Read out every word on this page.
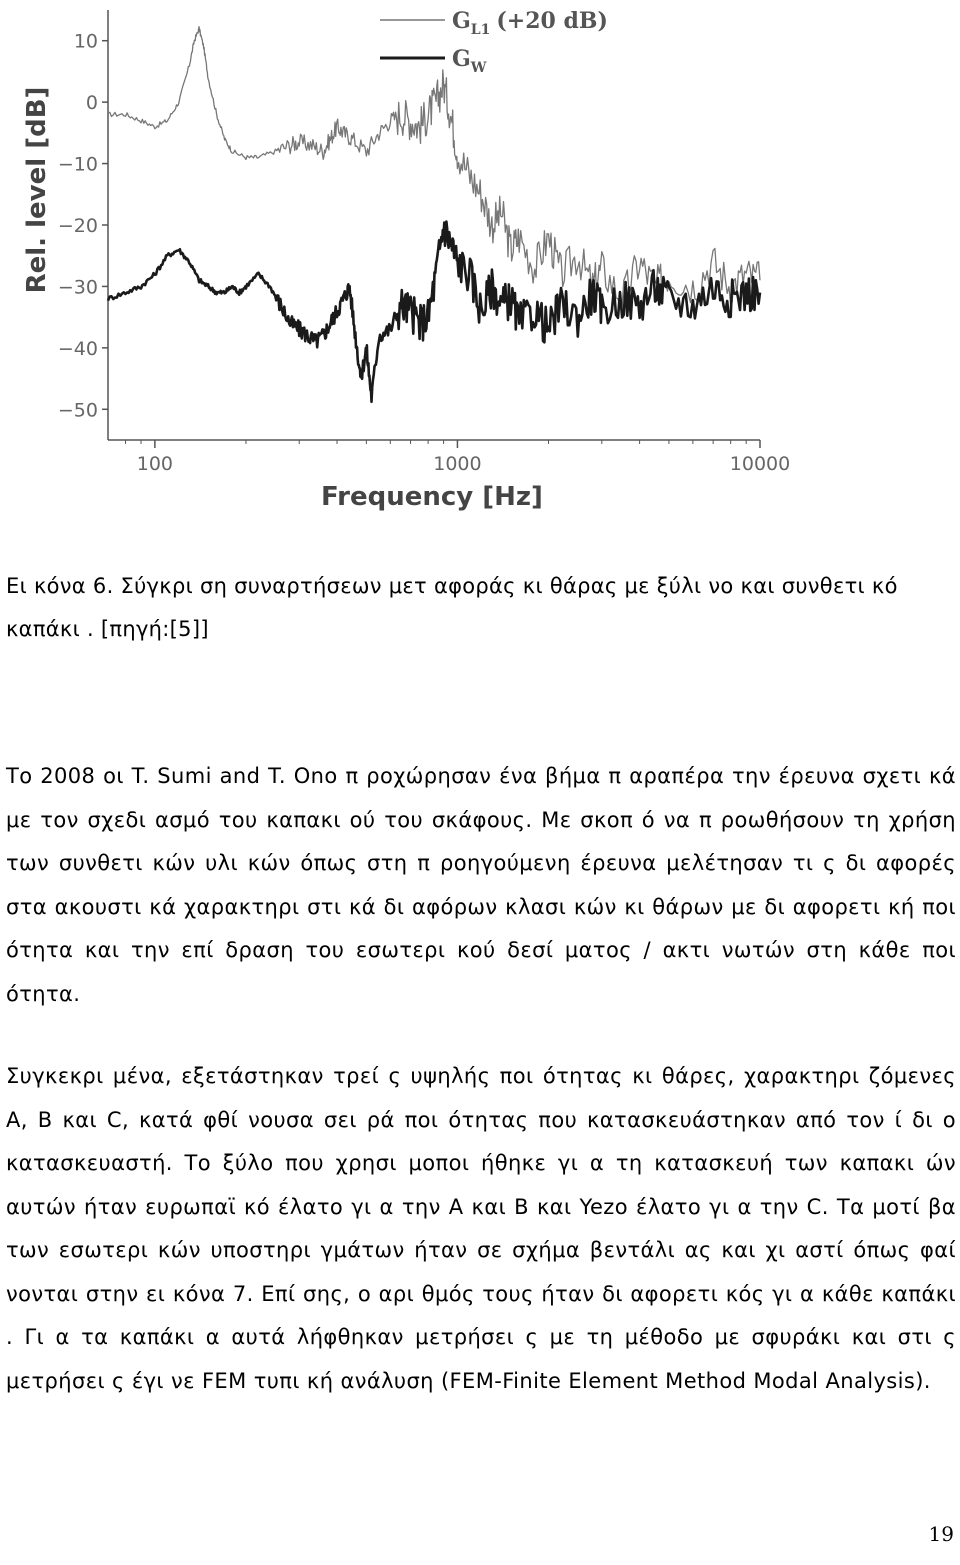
10
0
−10
−20
−30
−40
−50
100	1000	10000
Rel. level [dB]
Frequency [Hz]
$G_{L1}$ (+20 dB)
$G_W$
Ει κόνα 6. Σύγκρι ση συναρτήσεων μετ αφοράς κι θάρας με ξύλι νο και συνθετι κό καπάκι . [πηγή:[5]]

Το 2008 οι T. Sumi and T. Ono π ροχώρησαν ένα βήμα π αραπέρα την έρευνα σχετι κά με τον σχεδι ασμό του καπακι ού του σκάφους. Με σκοπ ό να π ροωθήσουν τη χρήση των συνθετι κών υλι κών όπως στη π ροηγούμενη έρευνα μελέτησαν τι ς δι αφορές στα ακουστι κά χαρακτηρι στι κά δι αφόρων κλασι κών κι θάρων με δι αφορετι κή ποι ότητα και την επί δραση του εσωτερι κού δεσί ματος / ακτι νωτών στη κάθε ποι ότητα.

Συγκεκρι μένα, εξετάστηκαν τρεί ς υψηλής ποι ότητας κι θάρες, χαρακτηρι ζόμενες A, B και C, κατά φθί νουσα σει ρά ποι ότητας που κατασκευάστηκαν από τον ί δι ο κατασκευαστή. Το ξύλο που χρησι μοποι ήθηκε γι α τη κατασκευή των καπακι ών αυτών ήταν ευρωπαϊ κό έλατο γι α την A και B και Yezo έλατο γι α την C. Τα μοτί βα των εσωτερι κών υποστηρι γμάτων ήταν σε σχήμα βεντάλι ας και χι αστί όπως φαί νονται στην ει κόνα 7. Επί σης, ο αρι θμός τους ήταν δι αφορετι κός γι α κάθε καπάκι . Γι α τα καπάκι α αυτά λήφθηκαν μετρήσει ς με τη μέθοδο με σφυράκι και στι ς μετρήσει ς έγι νε FEM τυπι κή ανάλυση (FEM-Finite Element Method Modal Analysis).

19
